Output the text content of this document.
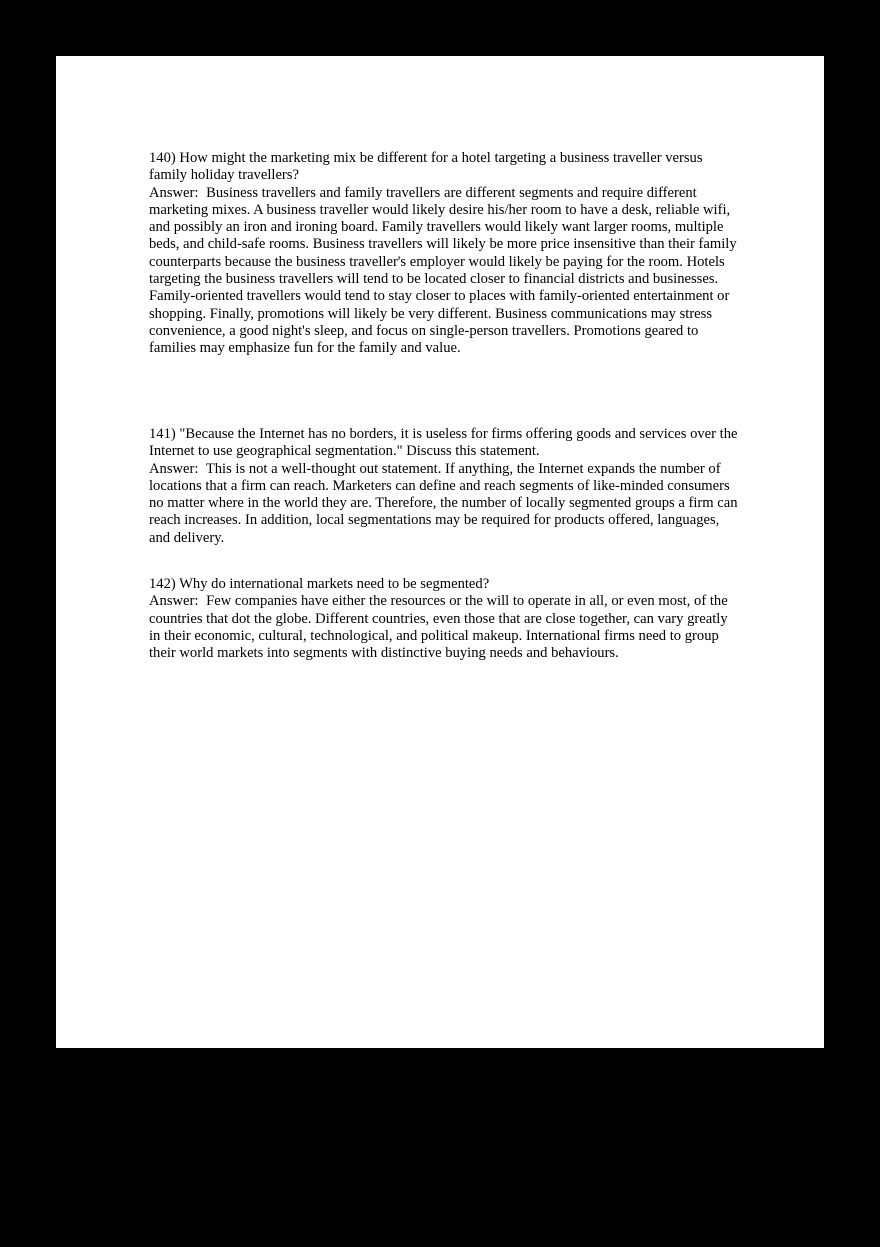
140) How might the marketing mix be different for a hotel targeting a business traveller versus family holiday travellers?

Answer: Business travellers and family travellers are different segments and require different marketing mixes. A business traveller would likely desire his/her room to have a desk, reliable wifi, and possibly an iron and ironing board. Family travellers would likely want larger rooms, multiple beds, and child-safe rooms. Business travellers will likely be more price insensitive than their family counterparts because the business traveller's employer would likely be paying for the room. Hotels targeting the business travellers will tend to be located closer to financial districts and businesses. Family-oriented travellers would tend to stay closer to places with family-oriented entertainment or shopping. Finally, promotions will likely be very different. Business communications may stress convenience, a good night's sleep, and focus on single-person travellers. Promotions geared to families may emphasize fun for the family and value.

141) "Because the Internet has no borders, it is useless for firms offering goods and services over the Internet to use geographical segmentation." Discuss this statement.

Answer: This is not a well-thought out statement. If anything, the Internet expands the number of locations that a firm can reach. Marketers can define and reach segments of like-minded consumers no matter where in the world they are. Therefore, the number of locally segmented groups a firm can reach increases. In addition, local segmentations may be required for products offered, languages, and delivery.

142) Why do international markets need to be segmented?

Answer: Few companies have either the resources or the will to operate in all, or even most, of the countries that dot the globe. Different countries, even those that are close together, can vary greatly in their economic, cultural, technological, and political makeup. International firms need to group their world markets into segments with distinctive buying needs and behaviours.
